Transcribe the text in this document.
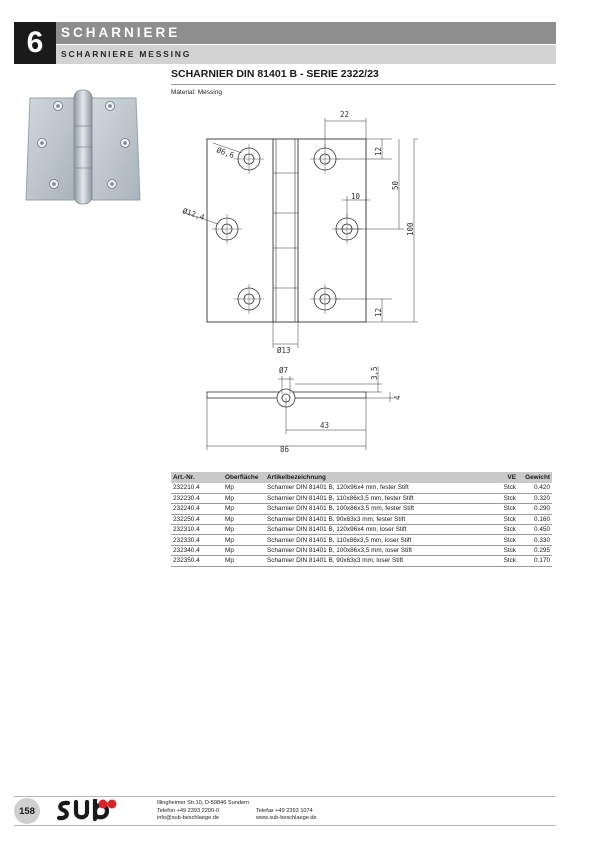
6	SCHARNIERE
SCHARNIERE MESSING
SCHARNIER DIN 81401 B - SERIE 2322/23
Material: Messing
22
Ø6,6
Ø12,4
12
50
10
100
12
Ø13
Ø7	3,5
4
43
86
Art.-Nr.	Oberfläche	Artikelbezeichnung	VE	Gewicht
232210.4	Mp	Scharnier DIN 81401 B, 120x96x4 mm, fester Stift	Stck	0.420
232230.4	Mp	Scharnier DIN 81401 B, 110x86x3,5 mm, fester Stift	Stck	0.320
232240.4	Mp	Scharnier DIN 81401 B, 100x86x3,5 mm, fester Stift	Stck	0.290
232250.4	Mp	Scharnier DIN 81401 B, 90x63x3 mm, fester Stift	Stck	0.160
232310.4	Mp	Scharnier DIN 81401 B, 120x96x4 mm, loser Stift	Stck	0.450
232330.4	Mp	Scharnier DIN 81401 B, 110x86x3,5 mm, loser Stift	Stck	0.330
232340.4	Mp	Scharnier DIN 81401 B, 100x86x3,5 mm, loser Stift	Stck	0.295
232350.4	Mp	Scharnier DIN 81401 B, 90x63x3 mm, loser Stift	Stck	0.170
158
Illingheimer Str.10, D-59846 Sundern
Telefon +49 2393 2200-0
info@sub-beschlaege.de
Telefax +49 2393 1074
www.sub-beschlaege.de
